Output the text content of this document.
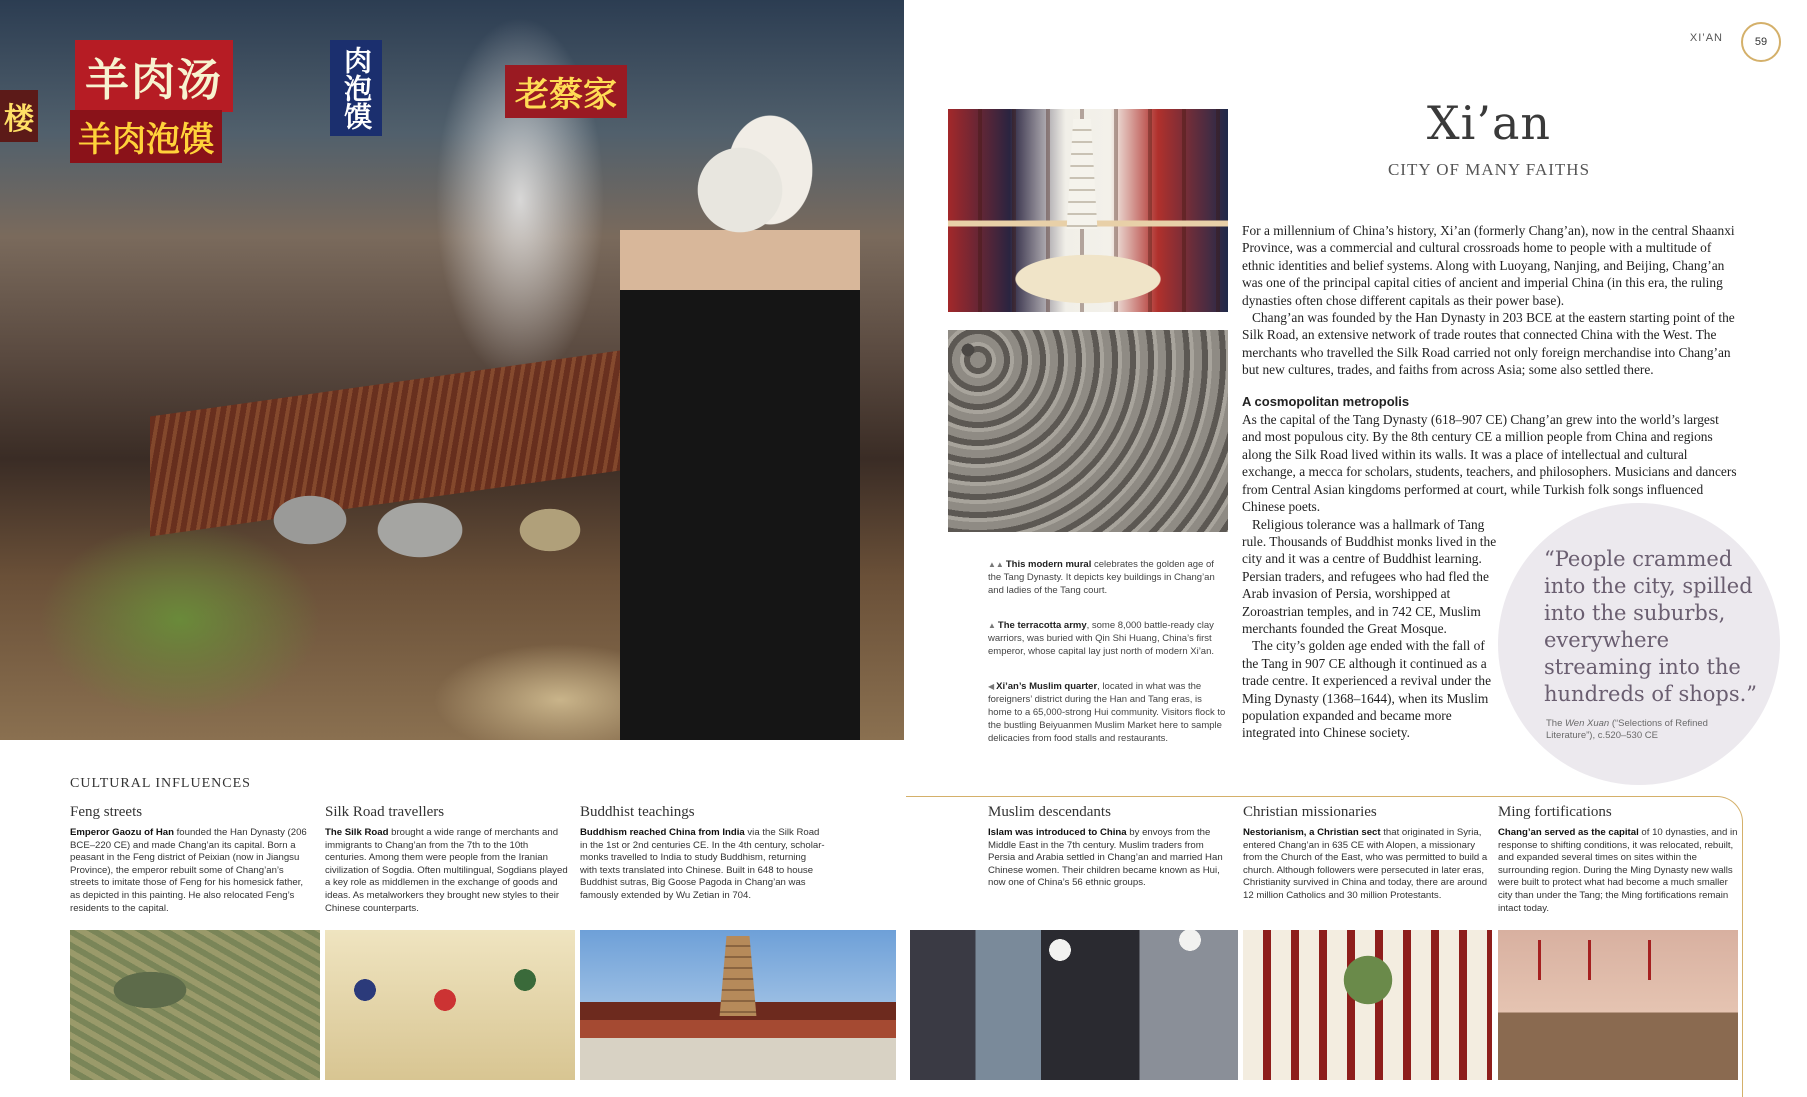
楼
羊肉汤
羊肉泡馍
肉泡馍	老蔡家
XI’AN	59

▲▲ This modern mural celebrates the golden age of the Tang Dynasty. It depicts key buildings in Chang’an and ladies of the Tang court.

▲ The terracotta army, some 8,000 battle-ready clay warriors, was buried with Qin Shi Huang, China’s first emperor, whose capital lay just north of modern Xi’an.

◀ Xi’an’s Muslim quarter, located in what was the foreigners’ district during the Han and Tang eras, is home to a 65,000-strong Hui community. Visitors flock to the bustling Beiyuanmen Muslim Market here to sample delicacies from food stalls and restaurants.

Xi’an
CITY OF MANY FAITHS

For a millennium of China’s history, Xi’an (formerly Chang’an), now in the central Shaanxi Province, was a commercial and cultural crossroads home to people with a multitude of ethnic identities and belief systems. Along with Luoyang, Nanjing, and Beijing, Chang’an was one of the principal capital cities of ancient and imperial China (in this era, the ruling dynasties often chose different capitals as their power base).

Chang’an was founded by the Han Dynasty in 203 BCE at the eastern starting point of the Silk Road, an extensive network of trade routes that connected China with the West. The merchants who travelled the Silk Road carried not only foreign merchandise into Chang’an but new cultures, trades, and faiths from across Asia; some also settled there.

A cosmopolitan metropolis

As the capital of the Tang Dynasty (618–907 CE) Chang’an grew into the world’s largest and most populous city. By the 8th century CE a million people from China and regions along the Silk Road lived within its walls. It was a place of intellectual and cultural exchange, a mecca for scholars, students, teachers, and philosophers. Musicians and dancers from Central Asian kingdoms performed at court, while Turkish folk songs influenced Chinese poets.

Religious tolerance was a hallmark of Tang rule. Thousands of Buddhist monks lived in the city and it was a centre of Buddhist learning. Persian traders, and refugees who had fled the Arab invasion of Persia, worshipped at Zoroastrian temples, and in 742 CE, Muslim merchants founded the Great Mosque.

The city’s golden age ended with the fall of the Tang in 907 CE although it continued as a trade centre. It experienced a revival under the Ming Dynasty (1368–1644), when its Muslim population expanded and became more integrated into Chinese society.

“People crammed into the city, spilled into the suburbs, everywhere streaming into the hundreds of shops.”
The Wen Xuan (“Selections of Refined Literature”), c.520–530 CE
CULTURAL INFLUENCES
Feng streets

Emperor Gaozu of Han founded the Han Dynasty (206 BCE–220 CE) and made Chang’an its capital. Born a peasant in the Feng district of Peixian (now in Jiangsu Province), the emperor rebuilt some of Chang’an’s streets to imitate those of Feng for his homesick father, as depicted in this painting. He also relocated Feng’s residents to the capital.

Silk Road travellers

The Silk Road brought a wide range of merchants and immigrants to Chang’an from the 7th to the 10th centuries. Among them were people from the Iranian civilization of Sogdia. Often multilingual, Sogdians played a key role as middlemen in the exchange of goods and ideas. As metalworkers they brought new styles to their Chinese counterparts.

Buddhist teachings

Buddhism reached China from India via the Silk Road in the 1st or 2nd centuries CE. In the 4th century, scholar-monks travelled to India to study Buddhism, returning with texts translated into Chinese. Built in 648 to house Buddhist sutras, Big Goose Pagoda in Chang’an was famously extended by Wu Zetian in 704.

Muslim descendants

Islam was introduced to China by envoys from the Middle East in the 7th century. Muslim traders from Persia and Arabia settled in Chang’an and married Han Chinese women. Their children became known as Hui, now one of China’s 56 ethnic groups.

Christian missionaries

Nestorianism, a Christian sect that originated in Syria, entered Chang’an in 635 CE with Alopen, a missionary from the Church of the East, who was permitted to build a church. Although followers were persecuted in later eras, Christianity survived in China and today, there are around 12 million Catholics and 30 million Protestants.

Ming fortifications

Chang’an served as the capital of 10 dynasties, and in response to shifting conditions, it was relocated, rebuilt, and expanded several times on sites within the surrounding region. During the Ming Dynasty new walls were built to protect what had become a much smaller city than under the Tang; the Ming fortifications remain intact today.
